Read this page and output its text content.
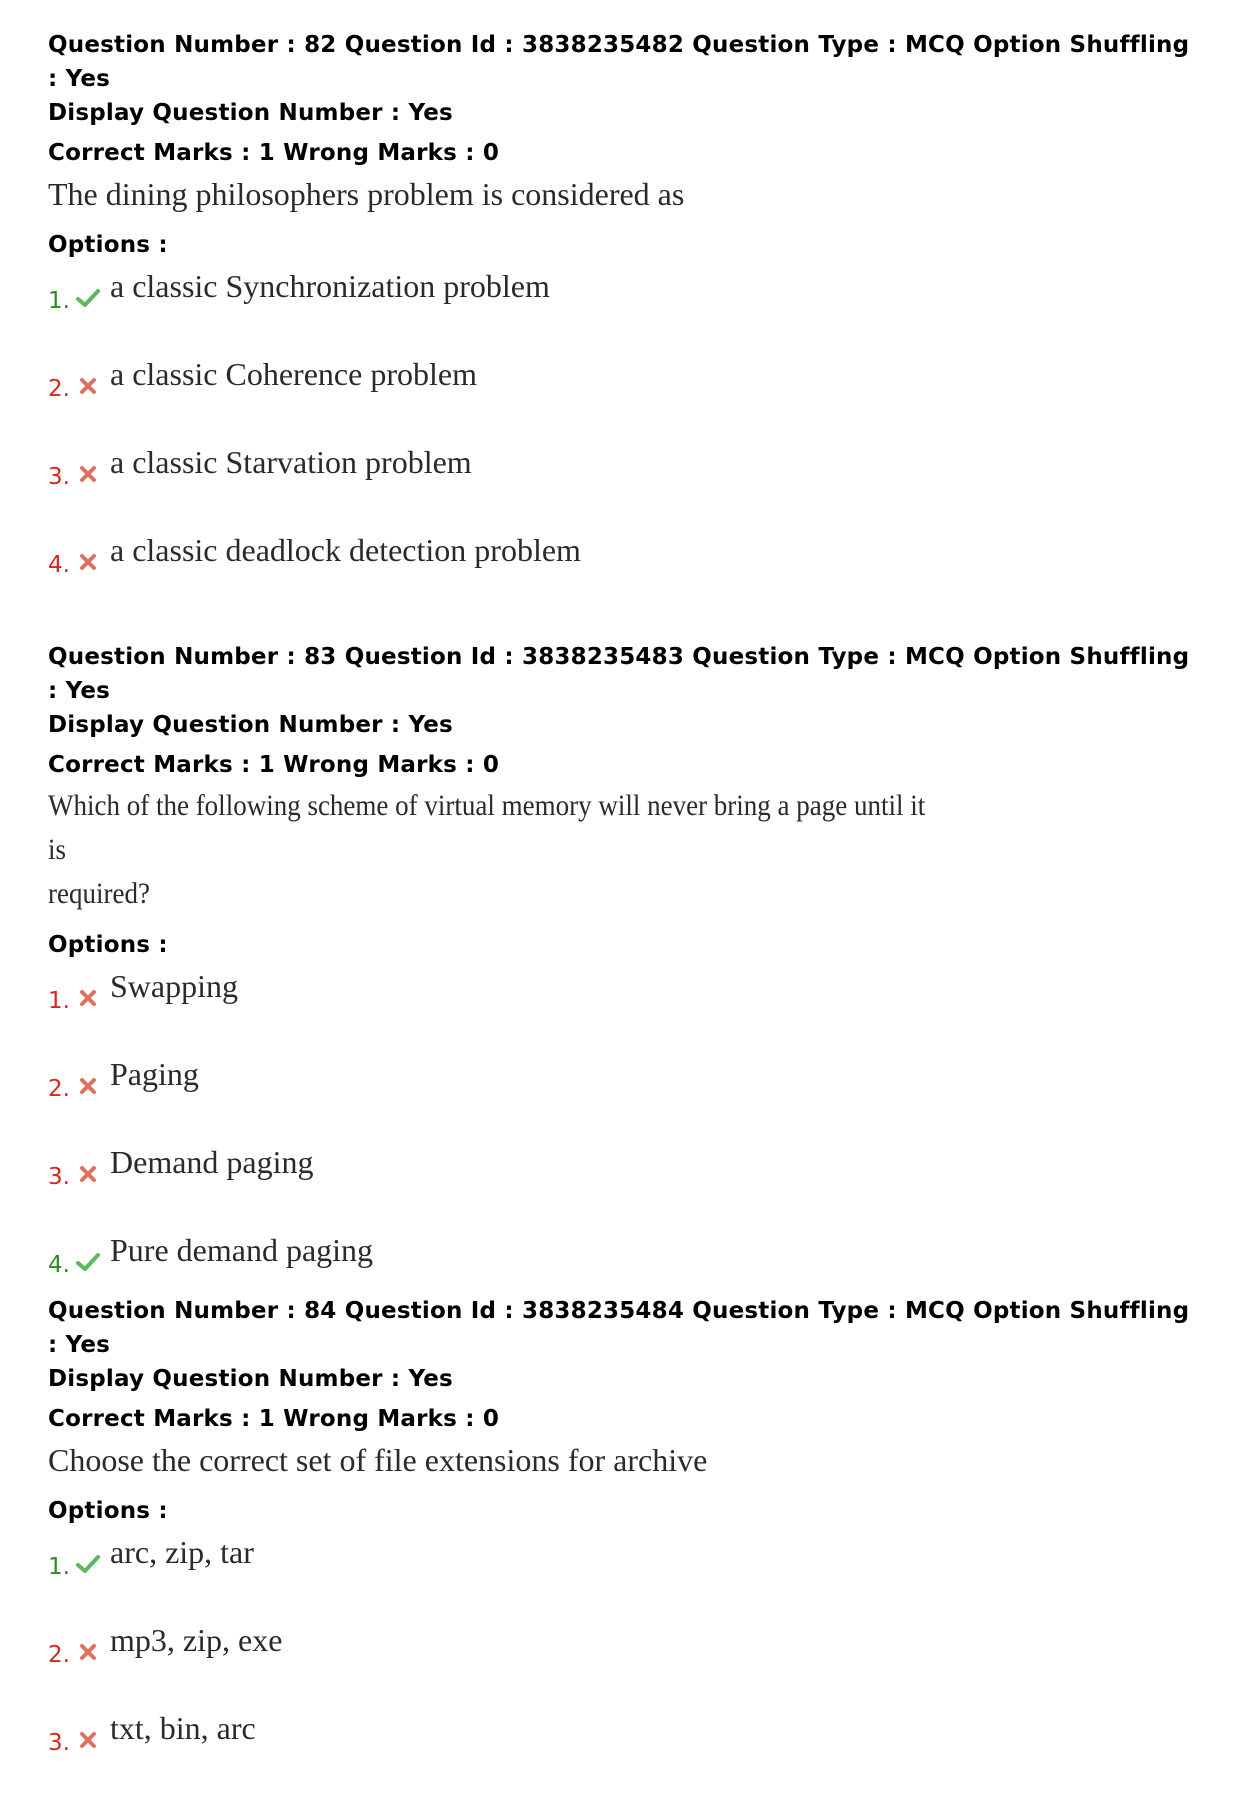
Question Number : 82 Question Id : 3838235482 Question Type : MCQ Option Shuffling : Yes

Display Question Number : Yes

Correct Marks : 1 Wrong Marks : 0

The dining philosophers problem is considered as

Options :

1. a classic Synchronization problem
2. a classic Coherence problem
3. a classic Starvation problem
4. a classic deadlock detection problem

Question Number : 83 Question Id : 3838235483 Question Type : MCQ Option Shuffling : Yes

Display Question Number : Yes

Correct Marks : 1 Wrong Marks : 0

Which of the following scheme of virtual memory will never bring a page until it is
required?

Options :

1. Swapping
2. Paging
3. Demand paging
4. Pure demand paging

Question Number : 84 Question Id : 3838235484 Question Type : MCQ Option Shuffling : Yes

Display Question Number : Yes

Correct Marks : 1 Wrong Marks : 0

Choose the correct set of file extensions for archive

Options :

1. arc, zip, tar
2. mp3, zip, exe
3. txt, bin, arc
